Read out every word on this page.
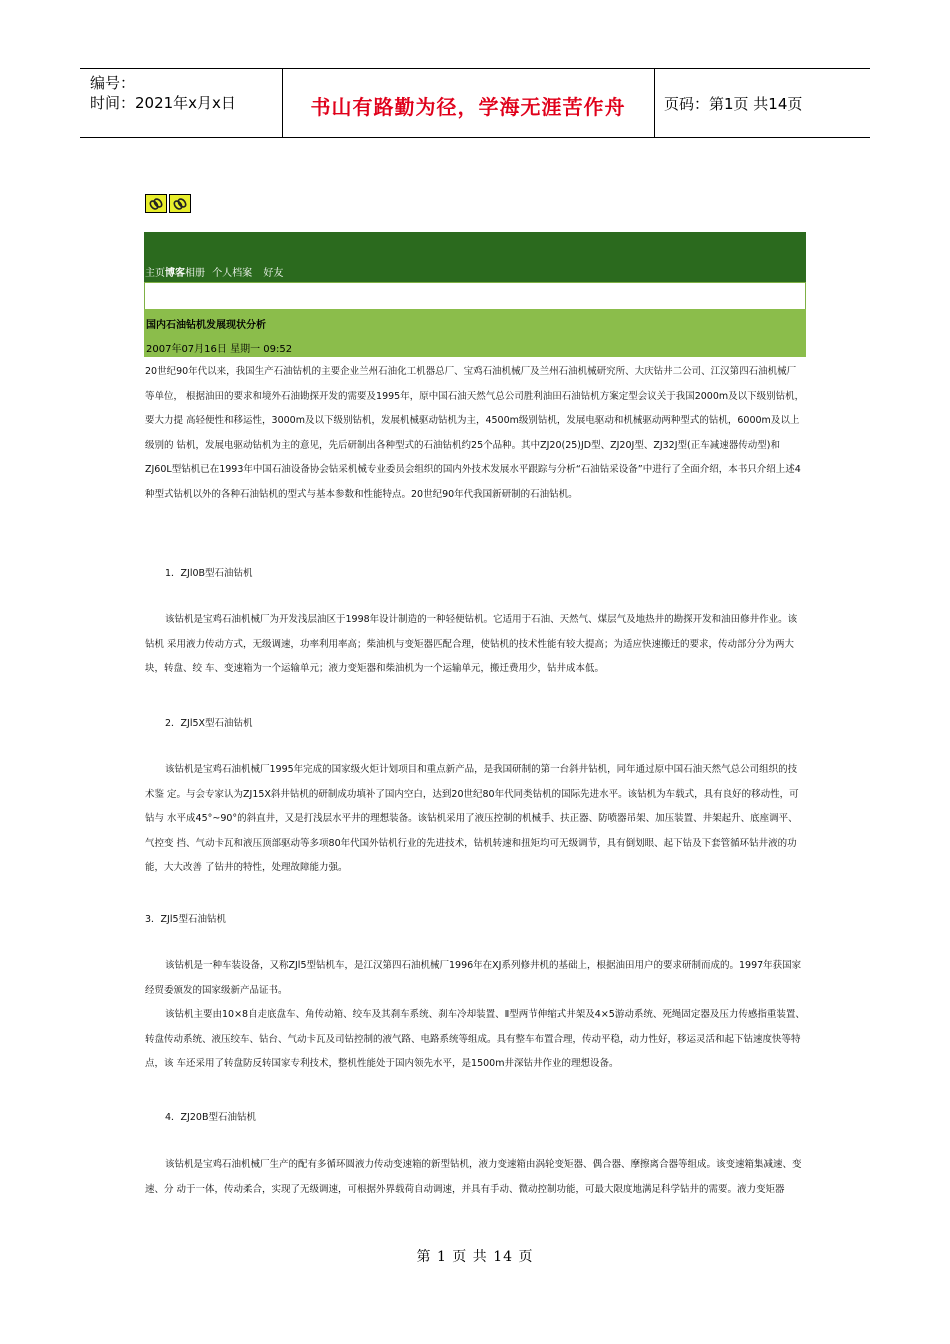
编号：
时间：2021年x月x日	书山有路勤为径，学海无涯苦作舟	页码：第1页 共14页
主页博客相册 个人档案 好友
国内石油钻机发展现状分析
2007年07月16日 星期一 09:52

20世纪90年代以来，我国生产石油钻机的主要企业兰州石油化工机器总厂、宝鸡石油机械厂及兰州石油机械研究所、大庆钻井二公司、江汉第四石油机械厂等单位， 根据油田的要求和境外石油勘探开发的需要及1995年，原中国石油天然气总公司胜利油田石油钻机方案定型会议关于我国2000m及以下级别钻机，要大力提 高轻便性和移运性，3000m及以下级别钻机，发展机械驱动钻机为主，4500m级别钻机，发展电驱动和机械驱动两种型式的钻机，6000m及以上级别的 钻机，发展电驱动钻机为主的意见，先后研制出各种型式的石油钻机约25个品种。其中ZJ20(25)JD型、ZJ20J型、ZJ32J型(正车减速器传动型)和ZJ60L型钻机已在1993年中国石油设备协会钻采机械专业委员会组织的国内外技术发展水平跟踪与分析“石油钻采设备”中进行了全面介绍，本书只介绍上述4种型式钻机以外的各种石油钻机的型式与基本参数和性能特点。20世纪90年代我国新研制的石油钻机。

1．ZJl0B型石油钻机

该钻机是宝鸡石油机械厂为开发浅层油区于1998年设计制造的一种轻便钻机。它适用于石油、天然气、煤层气及地热井的勘探开发和油田修井作业。该钻机 采用液力传动方式，无级调速，功率利用率高；柴油机与变矩器匹配合理，使钻机的技术性能有较大提高；为适应快速搬迁的要求，传动部分分为两大块，转盘、绞 车、变速箱为一个运输单元；液力变矩器和柴油机为一个运输单元，搬迁费用少，钻井成本低。

2．ZJl5X型石油钻机

该钻机是宝鸡石油机械厂1995年完成的国家级火炬计划项目和重点新产品，是我国研制的第一台斜井钻机，同年通过原中国石油天然气总公司组织的技术鉴 定。与会专家认为ZJ15X斜井钻机的研制成功填补了国内空白，达到20世纪80年代同类钻机的国际先进水平。该钻机为车载式，具有良好的移动性，可钻与 水平成45°~90°的斜直井，又是打浅层水平井的理想装备。该钻机采用了液压控制的机械手、扶正器、防喷器吊架、加压装置、井架起升、底座调平、气控变 挡、气动卡瓦和液压顶部驱动等多项80年代国外钻机行业的先进技术，钻机转速和扭矩均可无级调节，具有倒划眼、起下钻及下套管循环钻井液的功能，大大改善 了钻井的特性，处理故障能力强。

3．ZJl5型石油钻机

该钻机是一种车装设备，又称ZJl5型钻机车，是江汉第四石油机械厂1996年在XJ系列修井机的基础上，根据油田用户的要求研制而成的。1997年获国家经贸委颁发的国家级新产品证书。

该钻机主要由10×8自走底盘车、角传动箱、绞车及其刹车系统、刹车冷却装置、Ⅱ型两节伸缩式井架及4×5游动系统、死绳固定器及压力传感指重装置、 转盘传动系统、液压绞车、钻台、气动卡瓦及司钻控制的液气路、电路系统等组成。具有整车布置合理，传动平稳，动力性好，移运灵活和起下钻速度快等特点，该 车还采用了转盘防反转国家专利技术，整机性能处于国内领先水平，是1500m井深钻井作业的理想设备。

4．ZJ20B型石油钻机

该钻机是宝鸡石油机械厂生产的配有多循环圆液力传动变速箱的新型钻机，液力变速箱由涡轮变矩器、偶合器、摩擦离合器等组成。该变速箱集减速、变速、分 动于一体，传动柔合，实现了无级调速，可根据外界载荷自动调速，并具有手动、微动控制功能，可最大限度地满足科学钻井的需要。液力变矩器

第 1 页 共 14 页
